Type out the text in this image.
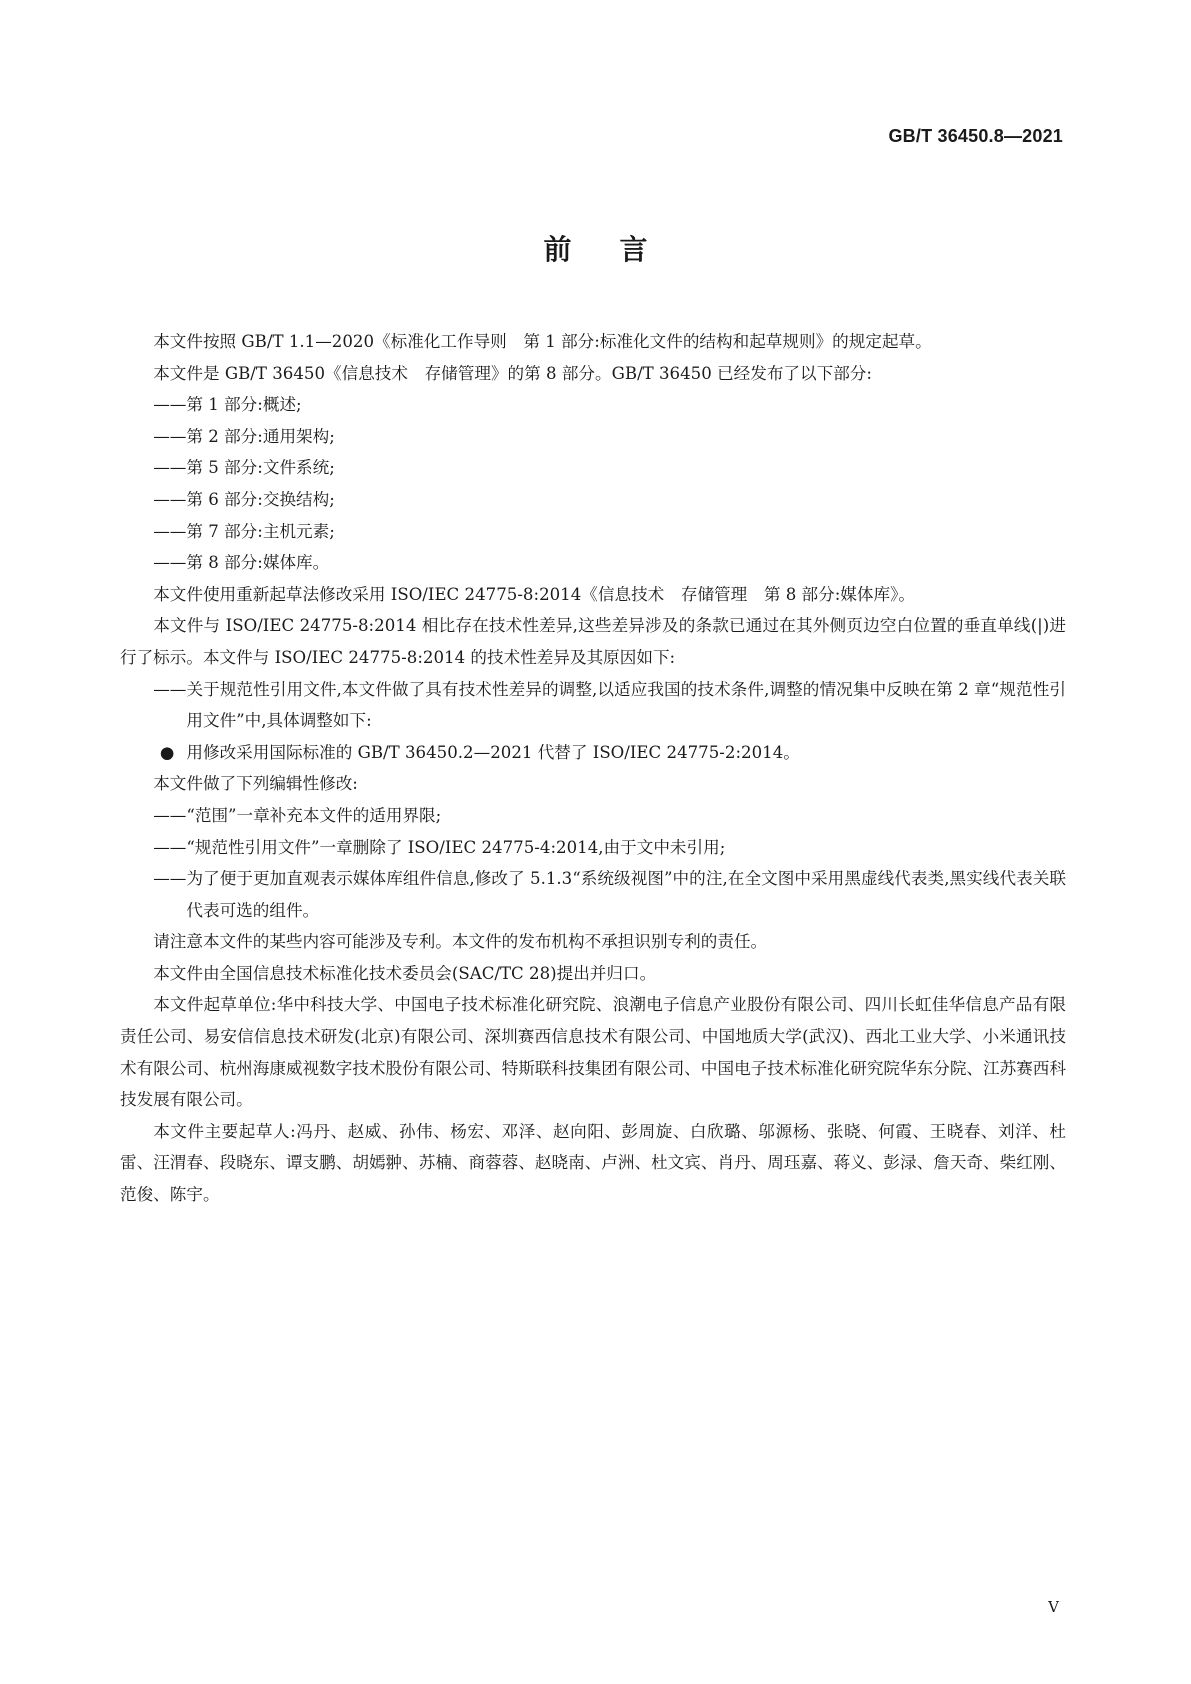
GB/T 36450.8—2021
前言

本文件按照 GB/T 1.1—2020《标准化工作导则　第 1 部分:标准化文件的结构和起草规则》的规定起草。

本文件是 GB/T 36450《信息技术　存储管理》的第 8 部分。GB/T 36450 已经发布了以下部分:

——第 1 部分:概述;

——第 2 部分:通用架构;

——第 5 部分:文件系统;

——第 6 部分:交换结构;

——第 7 部分:主机元素;

——第 8 部分:媒体库。

本文件使用重新起草法修改采用 ISO/IEC 24775-8:2014《信息技术　存储管理　第 8 部分:媒体库》。

本文件与 ISO/IEC 24775-8:2014 相比存在技术性差异,这些差异涉及的条款已通过在其外侧页边空白位置的垂直单线(|)进行了标示。本文件与 ISO/IEC 24775-8:2014 的技术性差异及其原因如下:

——关于规范性引用文件,本文件做了具有技术性差异的调整,以适应我国的技术条件,调整的情况集中反映在第 2 章“规范性引用文件”中,具体调整如下:

● 用修改采用国际标准的 GB/T 36450.2—2021 代替了 ISO/IEC 24775-2:2014。

本文件做了下列编辑性修改:

——“范围”一章补充本文件的适用界限;

——“规范性引用文件”一章删除了 ISO/IEC 24775-4:2014,由于文中未引用;

——为了便于更加直观表示媒体库组件信息,修改了 5.1.3“系统级视图”中的注,在全文图中采用黑虚线代表类,黑实线代表关联代表可选的组件。

请注意本文件的某些内容可能涉及专利。本文件的发布机构不承担识别专利的责任。

本文件由全国信息技术标准化技术委员会(SAC/TC 28)提出并归口。

本文件起草单位:华中科技大学、中国电子技术标准化研究院、浪潮电子信息产业股份有限公司、四川长虹佳华信息产品有限责任公司、易安信信息技术研发(北京)有限公司、深圳赛西信息技术有限公司、中国地质大学(武汉)、西北工业大学、小米通讯技术有限公司、杭州海康威视数字技术股份有限公司、特斯联科技集团有限公司、中国电子技术标准化研究院华东分院、江苏赛西科技发展有限公司。

本文件主要起草人:冯丹、赵威、孙伟、杨宏、邓泽、赵向阳、彭周旋、白欣璐、邬源杨、张晓、何霞、王晓春、刘洋、杜雷、汪渭春、段晓东、谭支鹏、胡嫣翀、苏楠、商蓉蓉、赵晓南、卢洲、杜文宾、肖丹、周珏嘉、蒋义、彭渌、詹天奇、柴红刚、范俊、陈宇。

V
